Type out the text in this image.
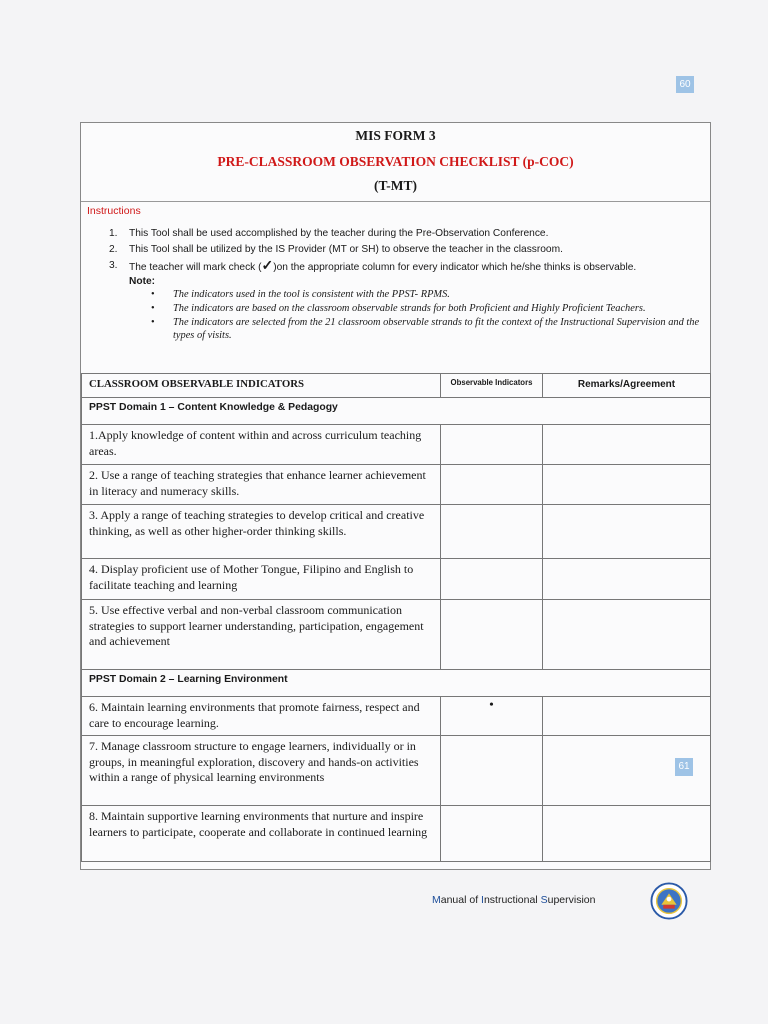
60
MIS FORM 3
PRE-CLASSROOM OBSERVATION CHECKLIST (p-COC)
(T-MT)
Instructions
1. This Tool shall be used accomplished by the teacher during the Pre-Observation Conference.
2. This Tool shall be utilized by the IS Provider (MT or SH) to observe the teacher in the classroom.
3. The teacher will mark check (✓)on the appropriate column for every indicator which he/she thinks is observable.
Note:
• The indicators used in the tool is consistent with the PPST- RPMS.
• The indicators are based on the classroom observable strands for both Proficient and Highly Proficient Teachers.
• The indicators are selected from the 21 classroom observable strands to fit the context of the Instructional Supervision and the types of visits.
CLASSROOM OBSERVABLE INDICATORS	Observable Indicators	Remarks/Agreement
PPST Domain 1 – Content Knowledge & Pedagogy		
1.Apply knowledge of content within and across curriculum teaching areas.		
2. Use a range of teaching strategies that enhance learner achievement in literacy and numeracy skills.		
3. Apply a range of teaching strategies to develop critical and creative thinking, as well as other higher-order thinking skills.		
4. Display proficient use of Mother Tongue, Filipino and English to facilitate teaching and learning		
5. Use effective verbal and non-verbal classroom communication strategies to support learner understanding, participation, engagement and achievement		
PPST Domain 2 – Learning Environment		
6. Maintain learning environments that promote fairness, respect and care to encourage learning.	•	
7. Manage classroom structure to engage learners, individually or in groups, in meaningful exploration, discovery and hands-on activities within a range of physical learning environments		
8. Maintain supportive learning environments that nurture and inspire learners to participate, cooperate and collaborate in continued learning		
61
Manual of Instructional Supervision
